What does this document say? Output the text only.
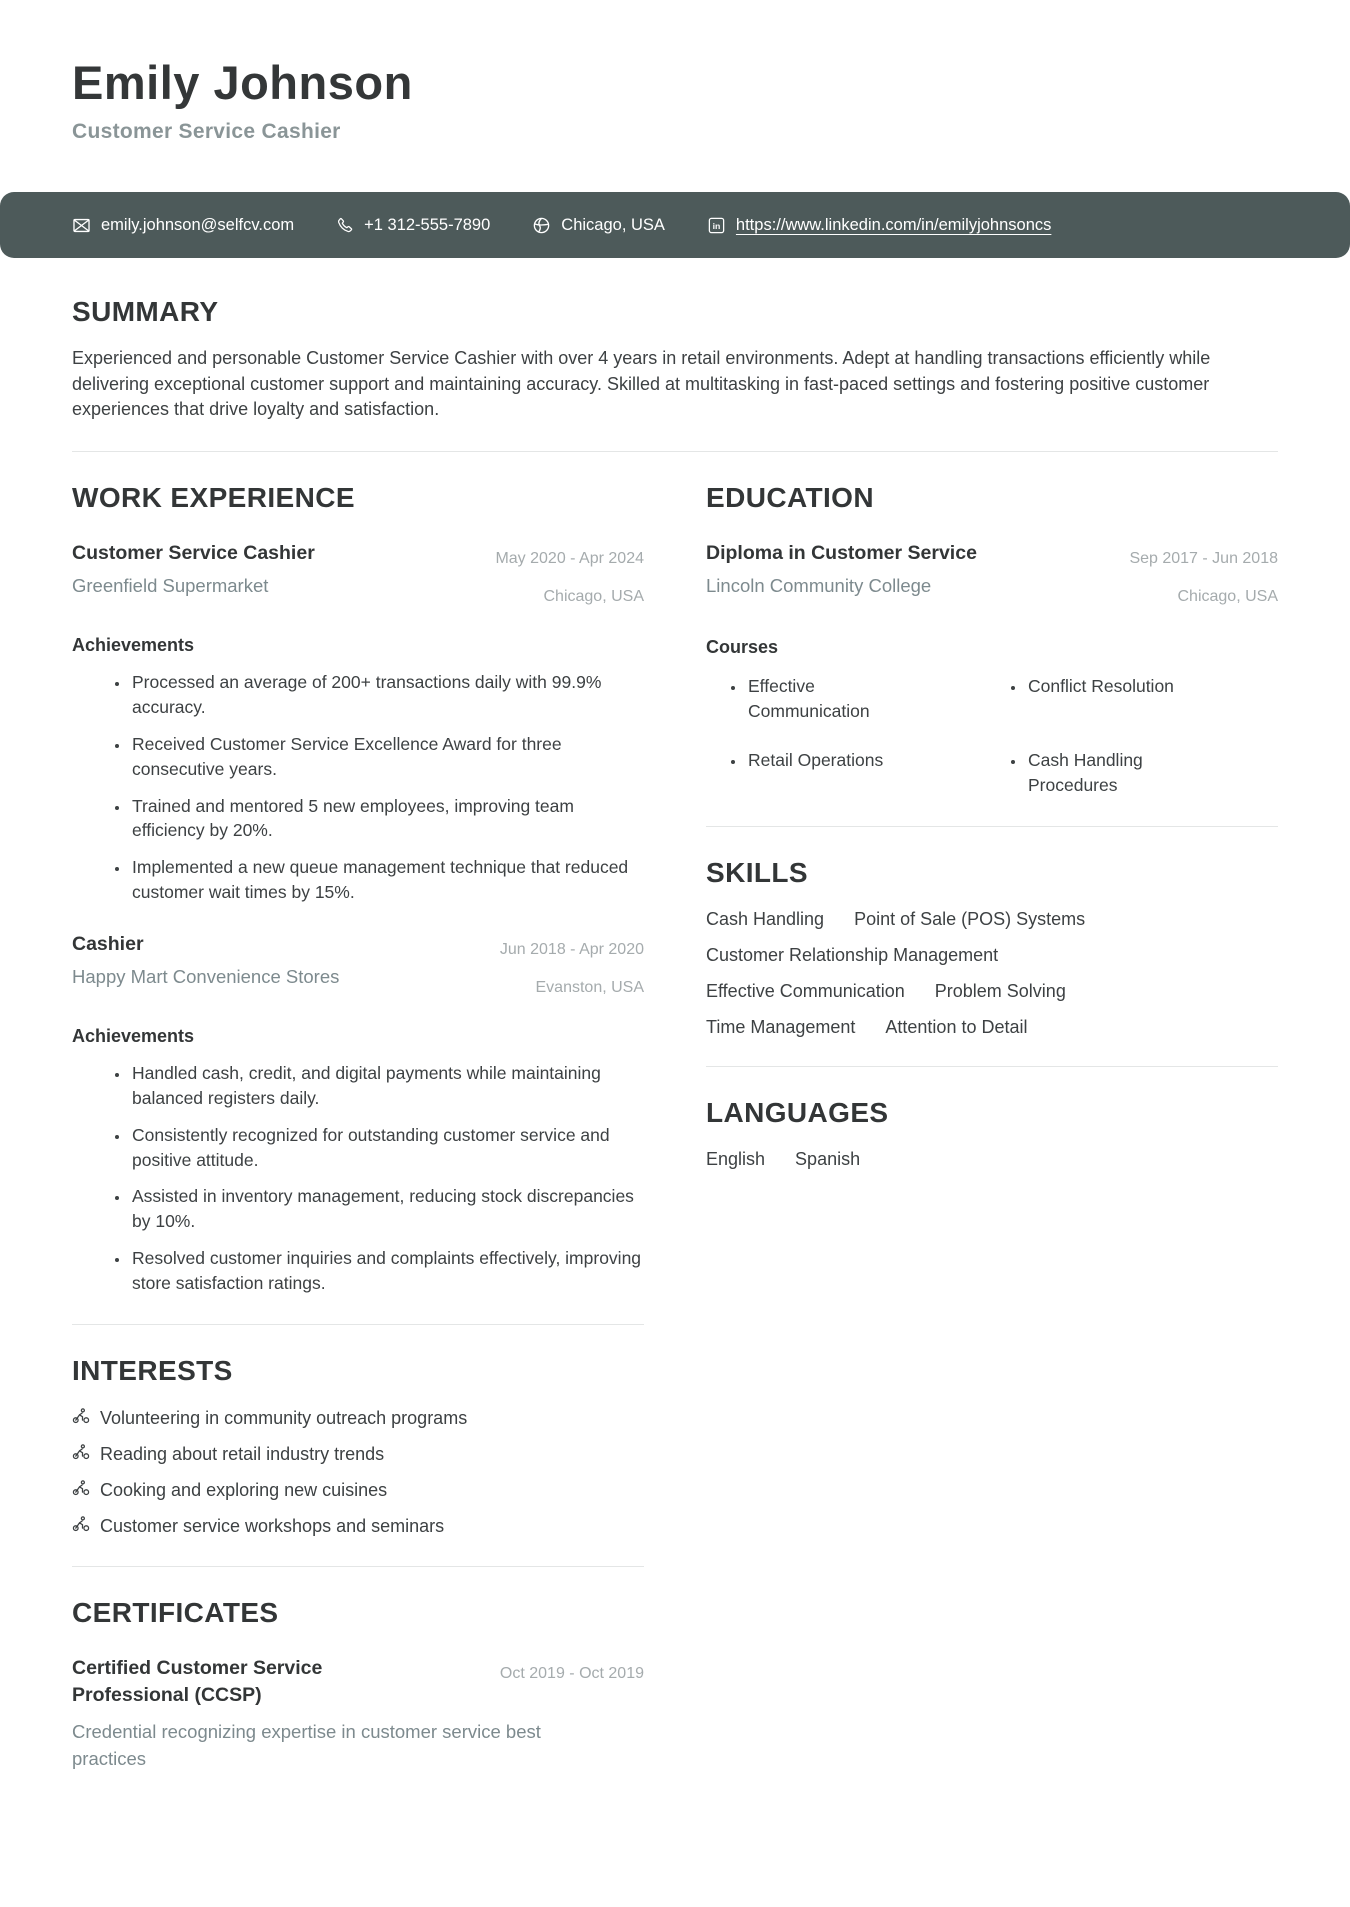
Emily Johnson
Customer Service Cashier
emily.johnson@selfcv.com	+1 312-555-7890	Chicago, USA	in https://www.linkedin.com/in/emilyjohnsoncs
SUMMARY

Experienced and personable Customer Service Cashier with over 4 years in retail environments. Adept at handling transactions efficiently while delivering exceptional customer support and maintaining accuracy. Skilled at multitasking in fast-paced settings and fostering positive customer experiences that drive loyalty and satisfaction.

WORK EXPERIENCE
Customer Service Cashier
Greenfield Supermarket
May 2020 - Apr 2024
Chicago, USA
Achievements
• Processed an average of 200+ transactions daily with 99.9% accuracy.
• Received Customer Service Excellence Award for three consecutive years.
• Trained and mentored 5 new employees, improving team efficiency by 20%.
• Implemented a new queue management technique that reduced customer wait times by 15%.
Cashier
Happy Mart Convenience Stores
Jun 2018 - Apr 2020
Evanston, USA
Achievements
• Handled cash, credit, and digital payments while maintaining balanced registers daily.
• Consistently recognized for outstanding customer service and positive attitude.
• Assisted in inventory management, reducing stock discrepancies by 10%.
• Resolved customer inquiries and complaints effectively, improving store satisfaction ratings.
INTERESTS
Volunteering in community outreach programs
Reading about retail industry trends
Cooking and exploring new cuisines
Customer service workshops and seminars
CERTIFICATES
Certified Customer Service Professional (CCSP)
Oct 2019 - Oct 2019
Credential recognizing expertise in customer service best practices
EDUCATION
Diploma in Customer Service
Lincoln Community College
Sep 2017 - Jun 2018
Chicago, USA
Courses
• Effective Communication
• Conflict Resolution
• Retail Operations	• Cash Handling Procedures
SKILLS
Cash Handling Point of Sale (POS) Systems
Customer Relationship Management
Effective Communication Problem Solving
Time Management Attention to Detail
LANGUAGES
English Spanish
